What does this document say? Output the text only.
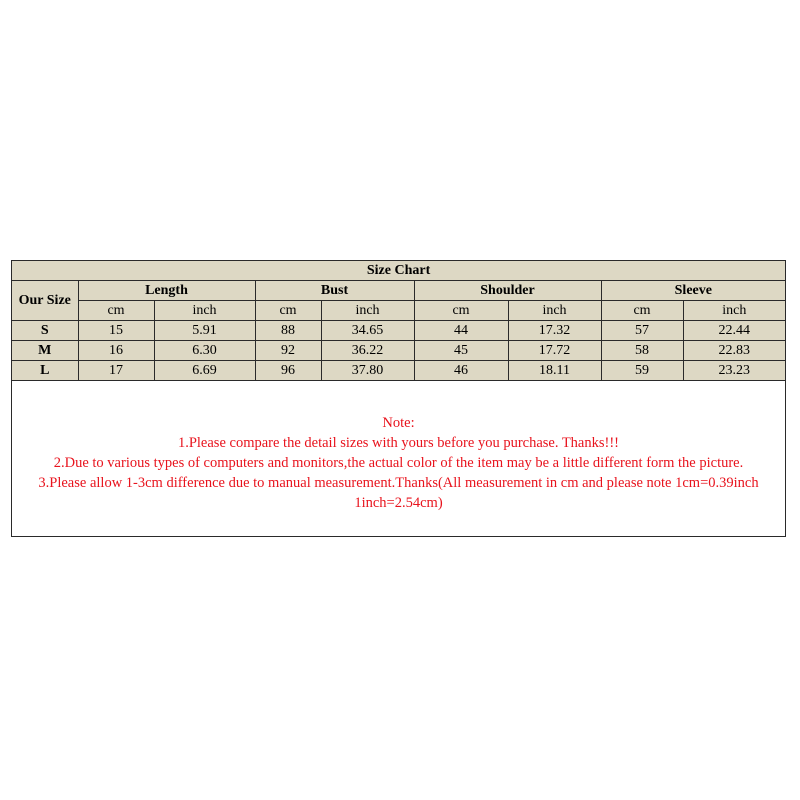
Size Chart								
Our Size	Length		Bust		Shoulder		Sleeve	
	cm	inch	cm	inch	cm	inch	cm	inch
S	15	5.91	88	34.65	44	17.32	57	22.44
M	16	6.30	92	36.22	45	17.72	58	22.83
L	17	6.69	96	37.80	46	18.11	59	23.23
Note:
1.Please compare the detail sizes with yours before you purchase. Thanks!!!
2.Due to various types of computers and monitors,the actual color of the item may be a little different form the picture.
3.Please allow 1-3cm difference due to manual measurement.Thanks(All measurement in cm and please note 1cm=0.39inch
1inch=2.54cm)
